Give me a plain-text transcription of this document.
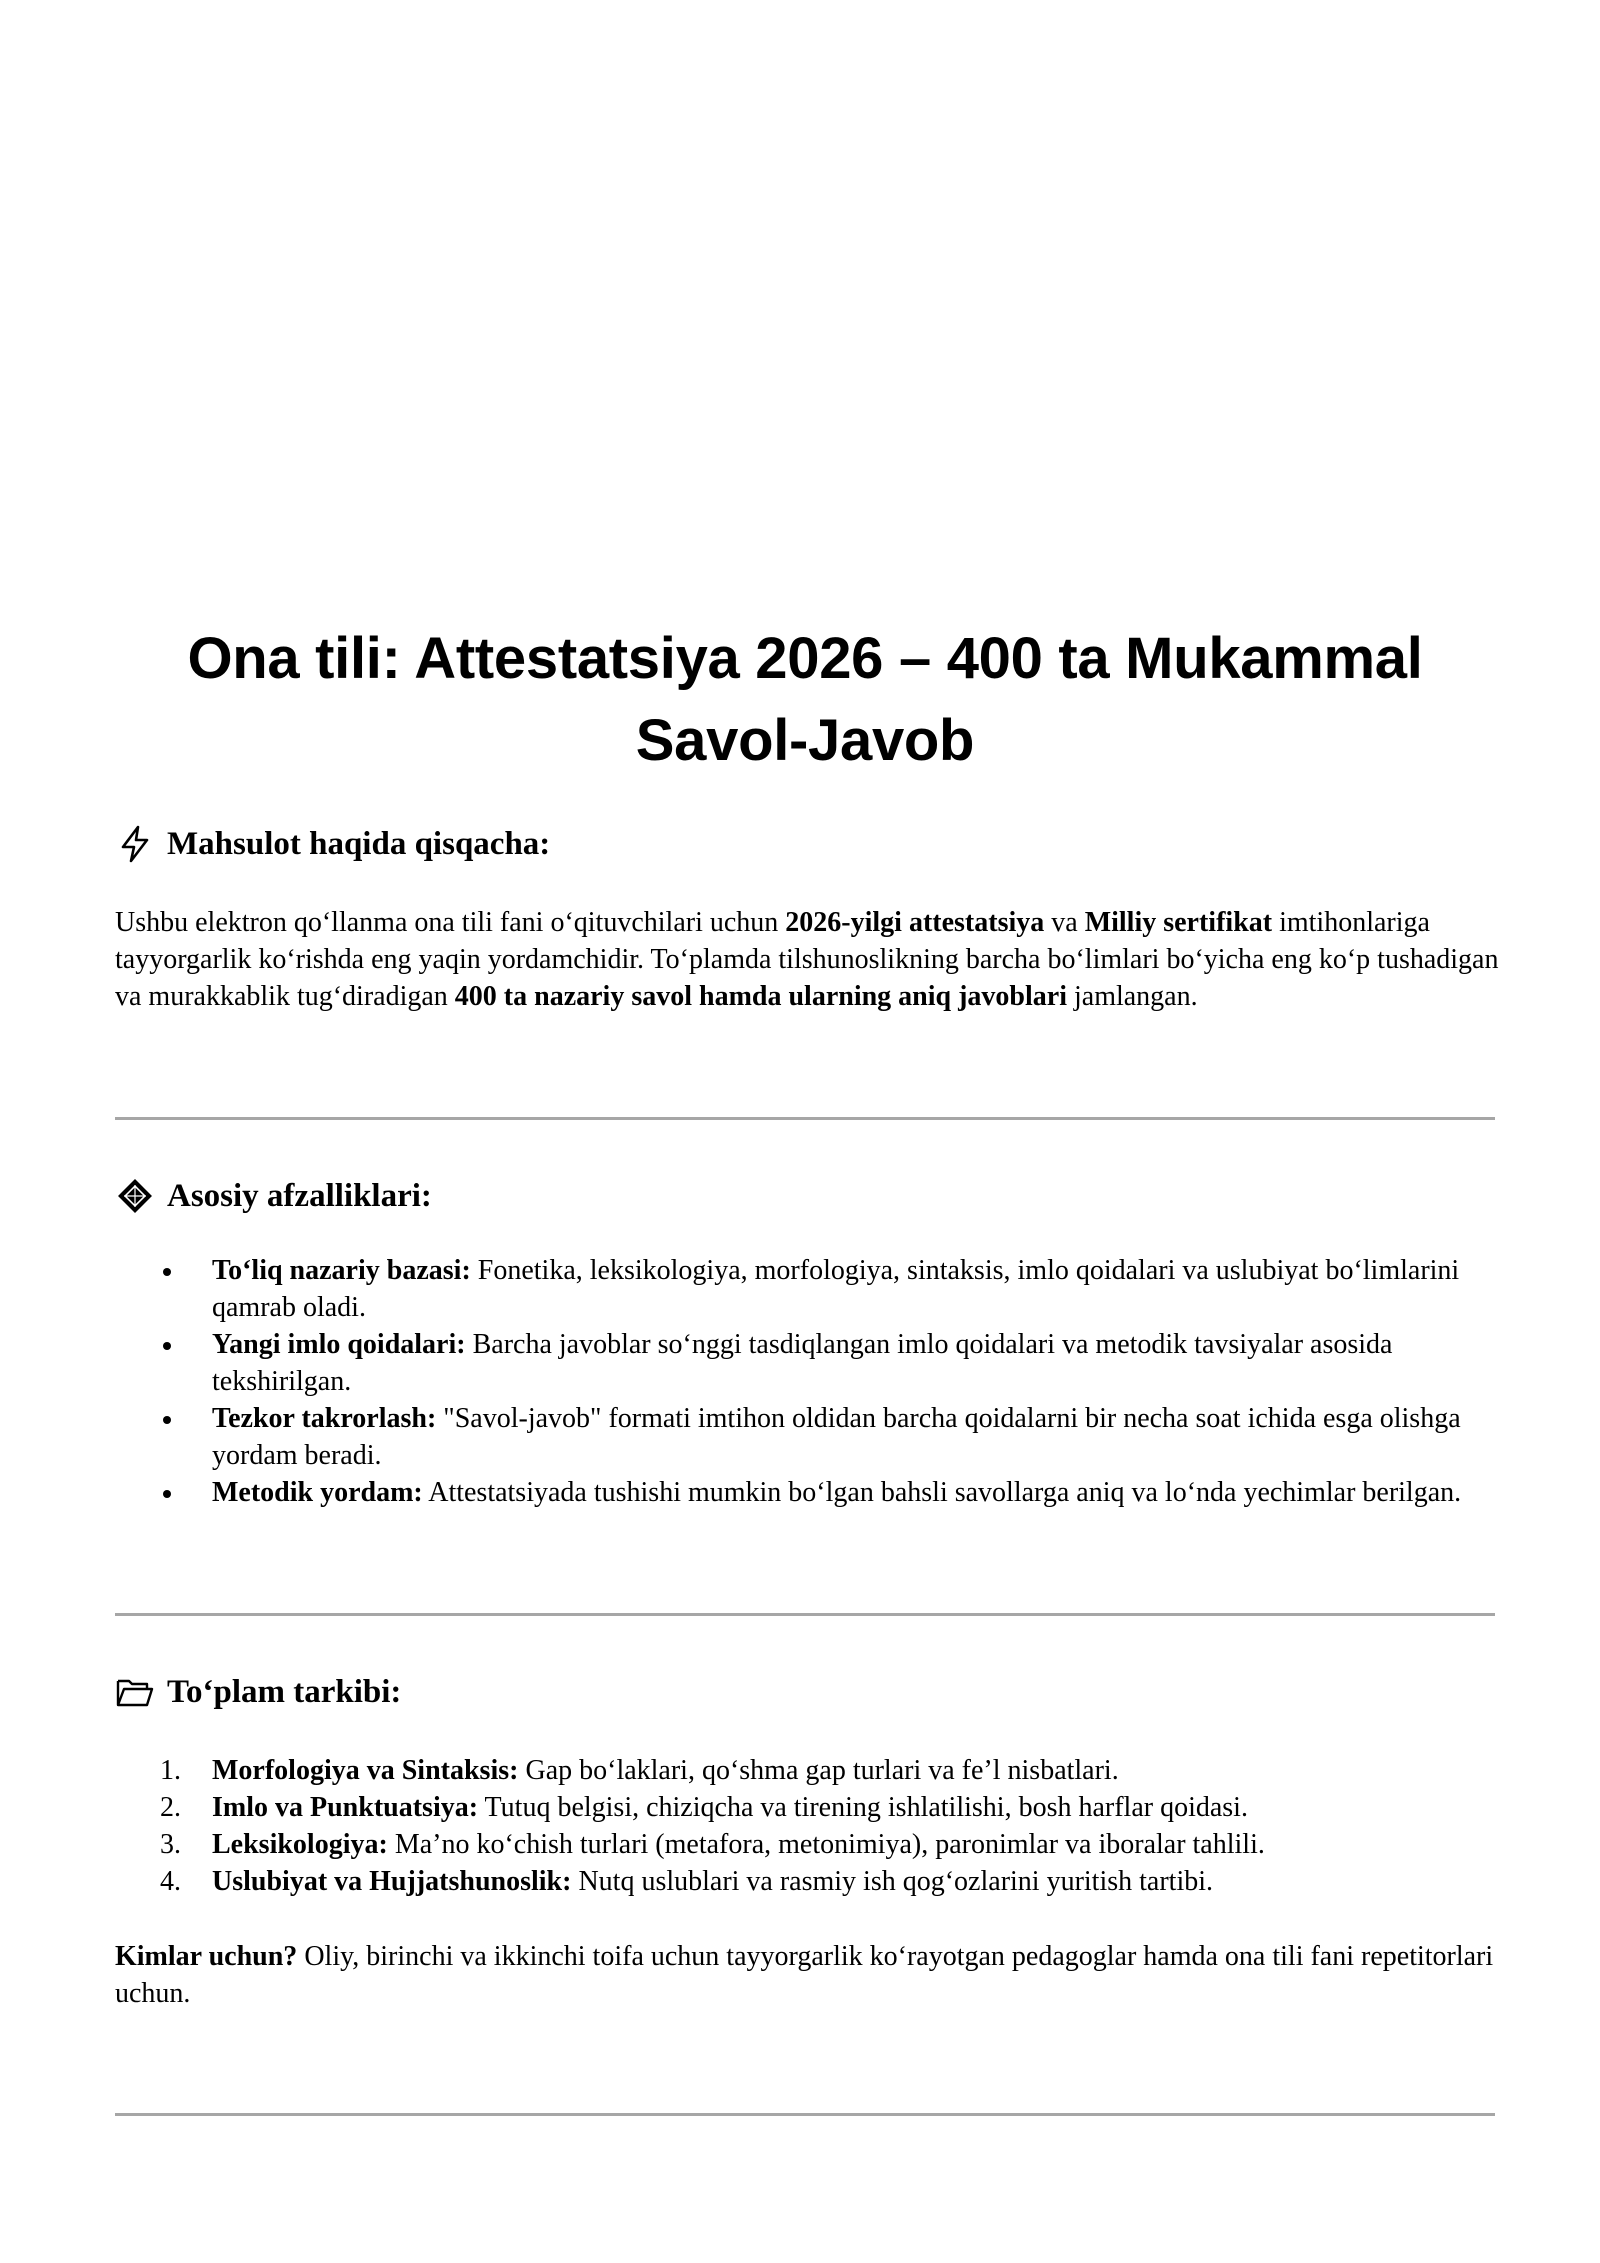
Ona tili: Attestatsiya 2026 – 400 ta Mukammal Savol-Javob
Mahsulot haqida qisqacha:

Ushbu elektron qo‘llanma ona tili fani o‘qituvchilari uchun 2026-yilgi attestatsiya va Milliy sertifikat imtihonlariga tayyorgarlik ko‘rishda eng yaqin yordamchidir. To‘plamda tilshunoslikning barcha bo‘limlari bo‘yicha eng ko‘p tushadigan va murakkablik tug‘diradigan 400 ta nazariy savol hamda ularning aniq javoblari jamlangan.

Asosiy afzalliklari:
To‘liq nazariy bazasi: Fonetika, leksikologiya, morfologiya, sintaksis, imlo qoidalari va uslubiyat bo‘limlarini qamrab oladi.
Yangi imlo qoidalari: Barcha javoblar so‘nggi tasdiqlangan imlo qoidalari va metodik tavsiyalar asosida tekshirilgan.
Tezkor takrorlash: "Savol-javob" formati imtihon oldidan barcha qoidalarni bir necha soat ichida esga olishga yordam beradi.
Metodik yordam: Attestatsiyada tushishi mumkin bo‘lgan bahsli savollarga aniq va lo‘nda yechimlar berilgan.
To‘plam tarkibi:
1. Morfologiya va Sintaksis: Gap bo‘laklari, qo‘shma gap turlari va fe’l nisbatlari.
2. Imlo va Punktuatsiya: Tutuq belgisi, chiziqcha va tirening ishlatilishi, bosh harflar qoidasi.
3. Leksikologiya: Ma’no ko‘chish turlari (metafora, metonimiya), paronimlar va iboralar tahlili.
4. Uslubiyat va Hujjatshunoslik: Nutq uslublari va rasmiy ish qog‘ozlarini yuritish tartibi.

Kimlar uchun? Oliy, birinchi va ikkinchi toifa uchun tayyorgarlik ko‘rayotgan pedagoglar hamda ona tili fani repetitorlari uchun.
